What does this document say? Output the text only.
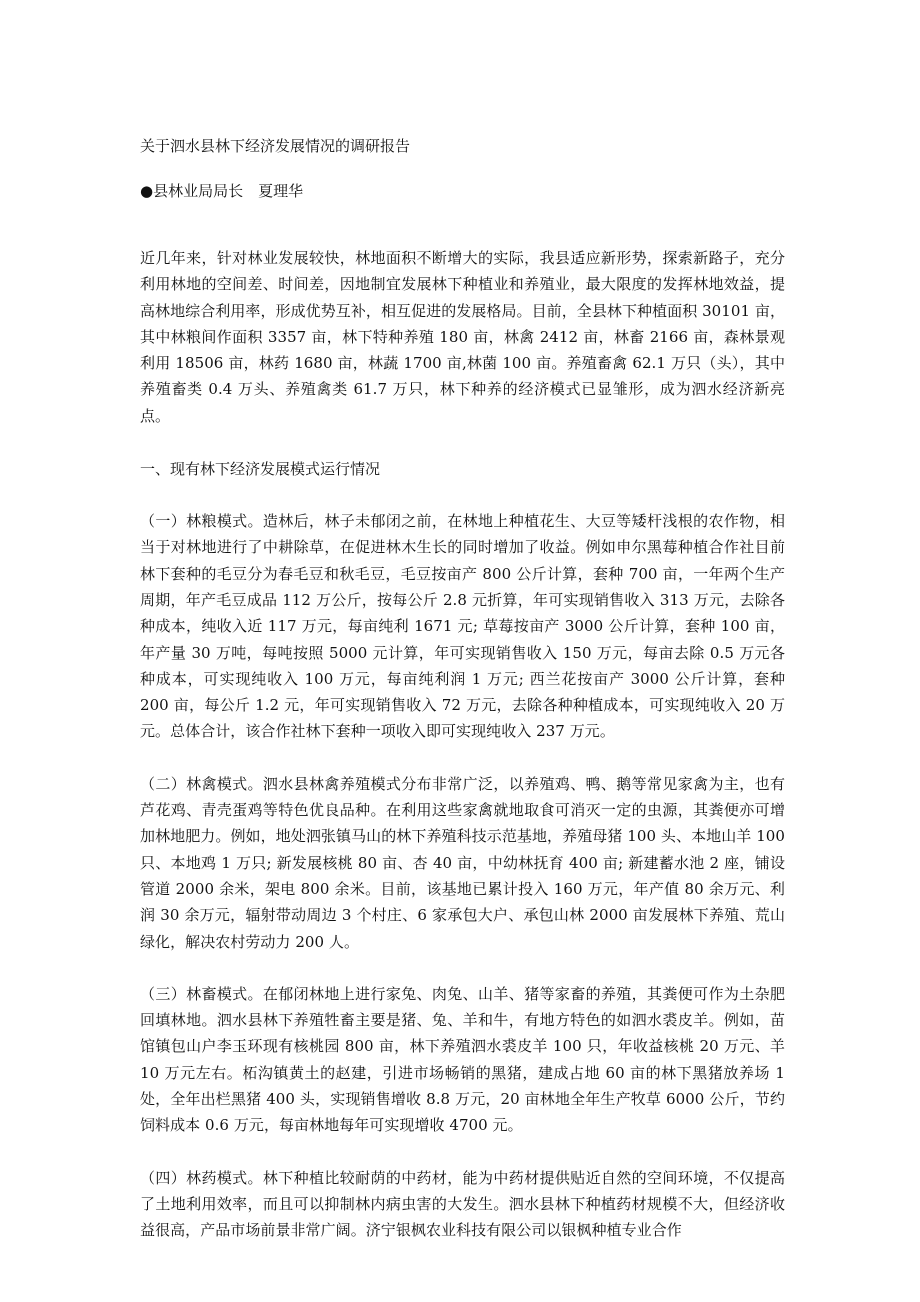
关于泗水县林下经济发展情况的调研报告

●县林业局局长　夏理华

近几年来，针对林业发展较快，林地面积不断增大的实际，我县适应新形势，探索新路子，充分利用林地的空间差、时间差，因地制宜发展林下种植业和养殖业，最大限度的发挥林地效益，提高林地综合利用率，形成优势互补，相互促进的发展格局。目前，全县林下种植面积 30101 亩，其中林粮间作面积 3357 亩，林下特种养殖 180 亩，林禽 2412 亩，林畜 2166 亩，森林景观利用 18506 亩，林药 1680 亩，林蔬 1700 亩,林菌 100 亩。养殖畜禽 62.1 万只（头），其中养殖畜类 0.4 万头、养殖禽类 61.7 万只，林下种养的经济模式已显雏形，成为泗水经济新亮点。

一、现有林下经济发展模式运行情况

（一）林粮模式。造林后，林子未郁闭之前，在林地上种植花生、大豆等矮杆浅根的农作物，相当于对林地进行了中耕除草，在促进林木生长的同时增加了收益。例如申尔黑莓种植合作社目前林下套种的毛豆分为春毛豆和秋毛豆，毛豆按亩产 800 公斤计算，套种 700 亩，一年两个生产周期，年产毛豆成品 112 万公斤，按每公斤 2.8 元折算，年可实现销售收入 313 万元，去除各种成本，纯收入近 117 万元，每亩纯利 1671 元; 草莓按亩产 3000 公斤计算，套种 100 亩，年产量 30 万吨，每吨按照 5000 元计算，年可实现销售收入 150 万元，每亩去除 0.5 万元各种成本，可实现纯收入 100 万元，每亩纯利润 1 万元; 西兰花按亩产 3000 公斤计算，套种 200 亩，每公斤 1.2 元，年可实现销售收入 72 万元，去除各种种植成本，可实现纯收入 20 万元。总体合计，该合作社林下套种一项收入即可实现纯收入 237 万元。

（二）林禽模式。泗水县林禽养殖模式分布非常广泛，以养殖鸡、鸭、鹅等常见家禽为主，也有芦花鸡、青壳蛋鸡等特色优良品种。在利用这些家禽就地取食可消灭一定的虫源，其粪便亦可增加林地肥力。例如，地处泗张镇马山的林下养殖科技示范基地，养殖母猪 100 头、本地山羊 100 只、本地鸡 1 万只; 新发展核桃 80 亩、杏 40 亩，中幼林抚育 400 亩; 新建蓄水池 2 座，铺设管道 2000 余米，架电 800 余米。目前，该基地已累计投入 160 万元，年产值 80 余万元、利润 30 余万元，辐射带动周边 3 个村庄、6 家承包大户、承包山林 2000 亩发展林下养殖、荒山绿化，解决农村劳动力 200 人。

（三）林畜模式。在郁闭林地上进行家兔、肉兔、山羊、猪等家畜的养殖，其粪便可作为土杂肥回填林地。泗水县林下养殖牲畜主要是猪、兔、羊和牛，有地方特色的如泗水裘皮羊。例如，苗馆镇包山户李玉环现有核桃园 800 亩，林下养殖泗水裘皮羊 100 只，年收益核桃 20 万元、羊 10 万元左右。柘沟镇黄土的赵建，引进市场畅销的黑猪，建成占地 60 亩的林下黑猪放养场 1 处，全年出栏黑猪 400 头，实现销售增收 8.8 万元，20 亩林地全年生产牧草 6000 公斤，节约饲料成本 0.6 万元，每亩林地每年可实现增收 4700 元。

（四）林药模式。林下种植比较耐荫的中药材，能为中药材提供贴近自然的空间环境，不仅提高了土地利用效率，而且可以抑制林内病虫害的大发生。泗水县林下种植药材规模不大，但经济收益很高，产品市场前景非常广阔。济宁银枫农业科技有限公司以银枫种植专业合作
